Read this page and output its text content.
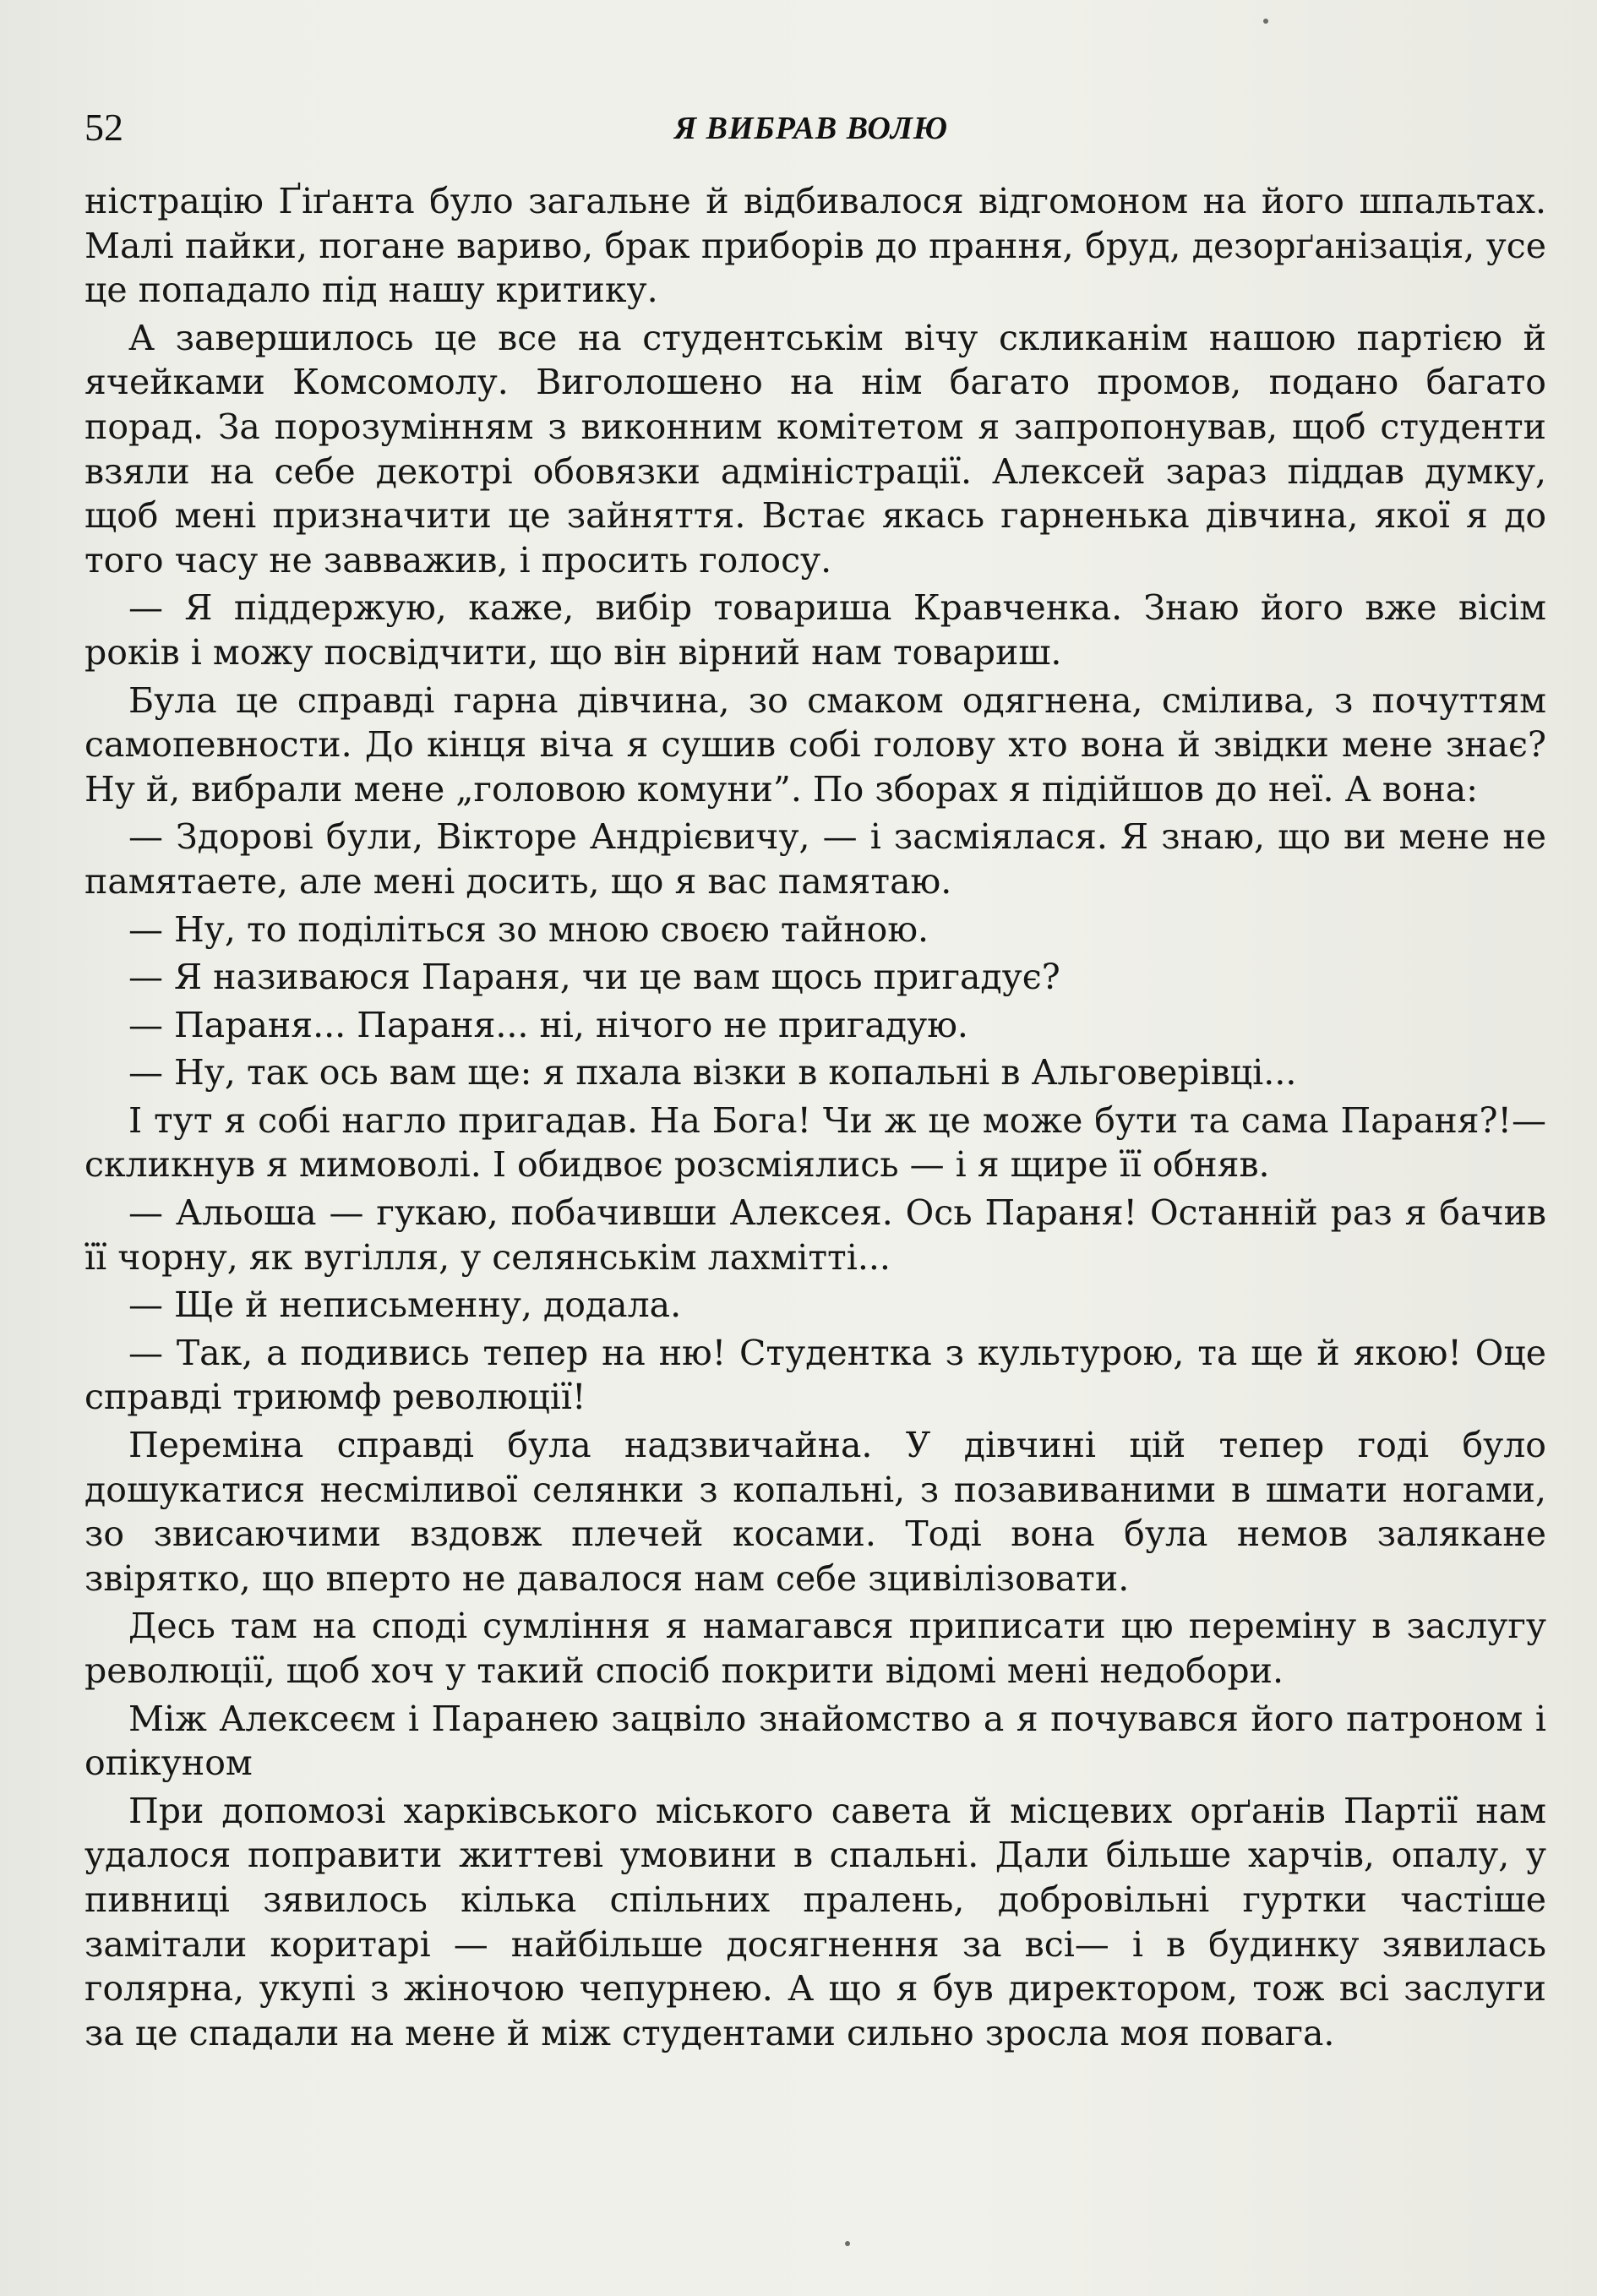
52	Я ВИБРАВ ВОЛЮ

ністрацію Ґіґанта було загальне й відбивалося відгомоном на його шпальтах. Малі пайки, погане вариво, брак приборів до прання, бруд, дезорґанізація, усе це попадало під нашу критику.

А завершилось це все на студентськім вічу скликанім нашою партією й ячейками Комсомолу. Виголошено на нім багато промов, подано багато порад. За порозумінням з виконним комітетом я запропонував, щоб студенти взяли на себе декотрі обовязки адміністрації. Алексей зараз піддав думку, щоб мені призначити це зайняття. Встає якась гарненька дівчина, якої я до того часу не завважив, і просить голосу.

— Я піддержую, каже, вибір товариша Кравченка. Знаю його вже вісім років і можу посвідчити, що він вірний нам товариш.

Була це справді гарна дівчина, зо смаком одягнена, смілива, з почуттям самопевности. До кінця віча я сушив собі голову хто вона й звідки мене знає? Ну й, вибрали мене „головою комуни”. По зборах я підійшов до неї. А вона:

— Здорові були, Вікторе Андрієвичу, — і засміялася. Я знаю, що ви мене не памятаете, але мені досить, що я вас памятаю.

— Ну, то поділіться зо мною своєю тайною.

— Я називаюся Параня, чи це вам щось пригадує?

— Параня... Параня... ні, нічого не пригадую.

— Ну, так ось вам ще: я пхала візки в копальні в Альговерівці...

І тут я собі нагло пригадав. На Бога! Чи ж це може бути та сама Параня?!—скликнув я мимоволі. І обидвоє розсміялись — і я щире її обняв.

— Альоша — гукаю, побачивши Алексея. Ось Параня! Останній раз я бачив її чорну, як вугілля, у селянськім лахмітті...

— Ще й неписьменну, додала.

— Так, а подивись тепер на ню! Студентка з культурою, та ще й якою! Оце справді триюмф революції!

Переміна справді була надзвичайна. У дівчині цій тепер годі було дошукатися несміливої селянки з копальні, з позавиваними в шмати ногами, зо звисаючими вздовж плечей косами. Тоді вона була немов залякане звірятко, що вперто не давалося нам себе зцивілізовати.

Десь там на споді сумління я намагався приписати цю переміну в заслугу революції, щоб хоч у такий спосіб покрити відомі мені недобори.

Між Алексеєм і Паранею зацвіло знайомство а я почувався його патроном і опікуном

При допомозі харківського міського савета й місцевих орґанів Партії нам удалося поправити життеві умовини в спальні. Дали більше харчів, опалу, у пивниці зявилось кілька спільних пралень, добровільні гуртки частіше замітали коритарі — найбільше досягнення за всі— і в будинку зявилась голярна, укупі з жіночою чепурнею. А що я був директором, тож всі заслуги за це спадали на мене й між студентами сильно зросла моя повага.
